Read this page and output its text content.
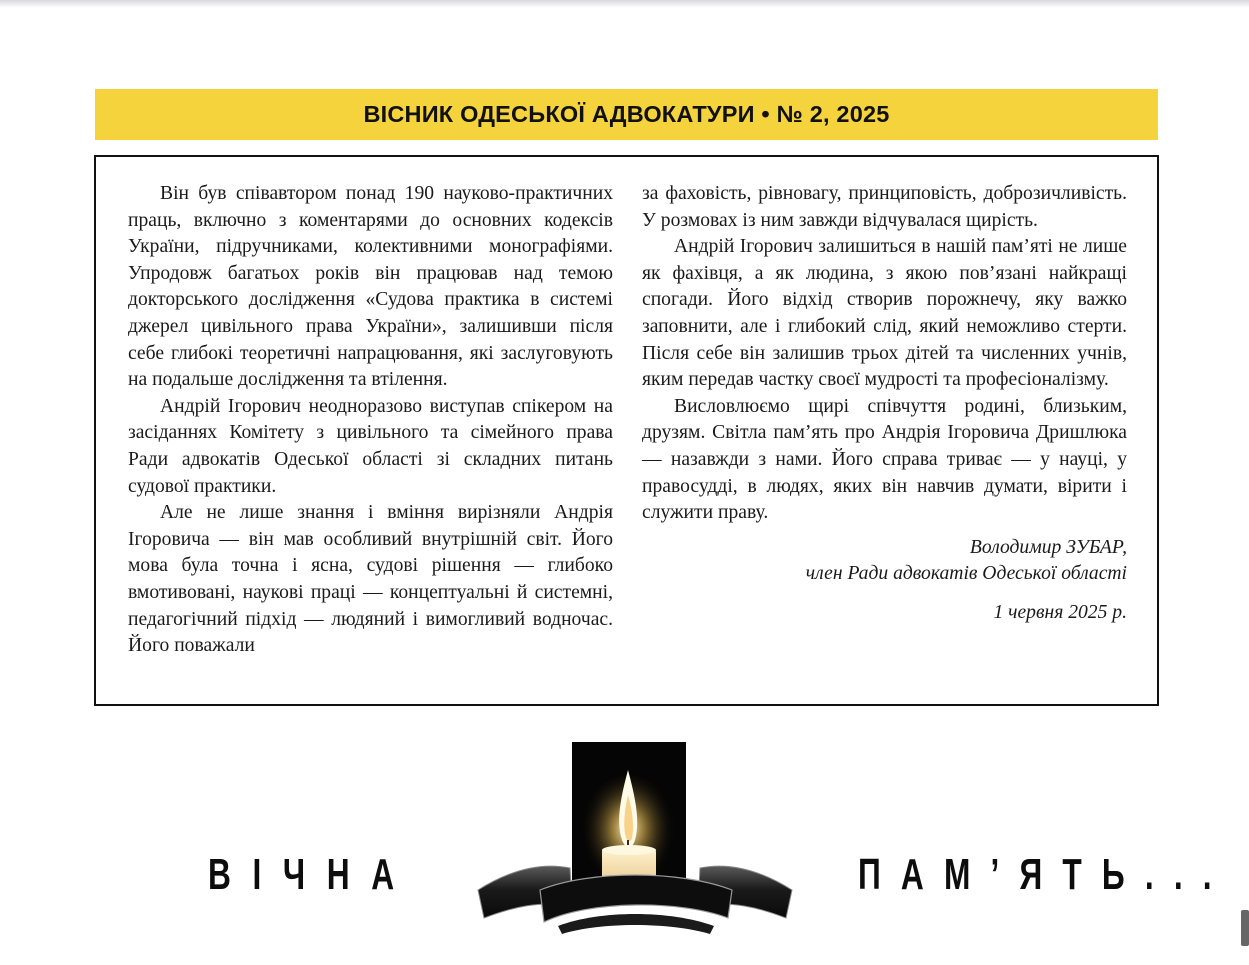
ВІСНИК ОДЕСЬКОЇ АДВОКАТУРИ • № 2, 2025

Він був співавтором понад 190 науково-практичних праць, включно з коментарями до основних кодексів України, підручниками, колективними монографіями. Упродовж багатьох років він працював над темою докторського дослідження «Судова практика в системі джерел цивільного права України», залишивши після себе глибокі теоретичні напрацювання, які заслуговують на подальше дослідження та втілення.

Андрій Ігорович неодноразово виступав спікером на засіданнях Комітету з цивільного та сімейного права Ради адвокатів Одеської області зі складних питань судової практики.

Але не лише знання і вміння вирізняли Андрія Ігоровича — він мав особливий внутрішній світ. Його мова була точна і ясна, судові рішення — глибоко вмотивовані, наукові праці — концептуальні й системні, педагогічний підхід — людяний і вимогливий водночас. Його поважали

за фаховість, рівновагу, принциповість, доброзичливість. У розмовах із ним завжди відчувалася щирість.

Андрій Ігорович залишиться в нашій пам’яті не лише як фахівця, а як людина, з якою пов’язані найкращі спогади. Його відхід створив порожнечу, яку важко заповнити, але і глибокий слід, який неможливо стерти. Після себе він залишив трьох дітей та численних учнів, яким передав частку своєї мудрості та професіоналізму.

Висловлюємо щирі співчуття родині, близьким, друзям. Світла пам’ять про Андрія Ігоровича Дришлюка — назавжди з нами. Його справа триває — у науці, у правосудді, в людях, яких він навчив думати, вірити і служити праву.

Володимир ЗУБАР,
член Ради адвокатів Одеської області
1 червня 2025 р.
ВІЧНА	ПАМ’ЯТЬ...
